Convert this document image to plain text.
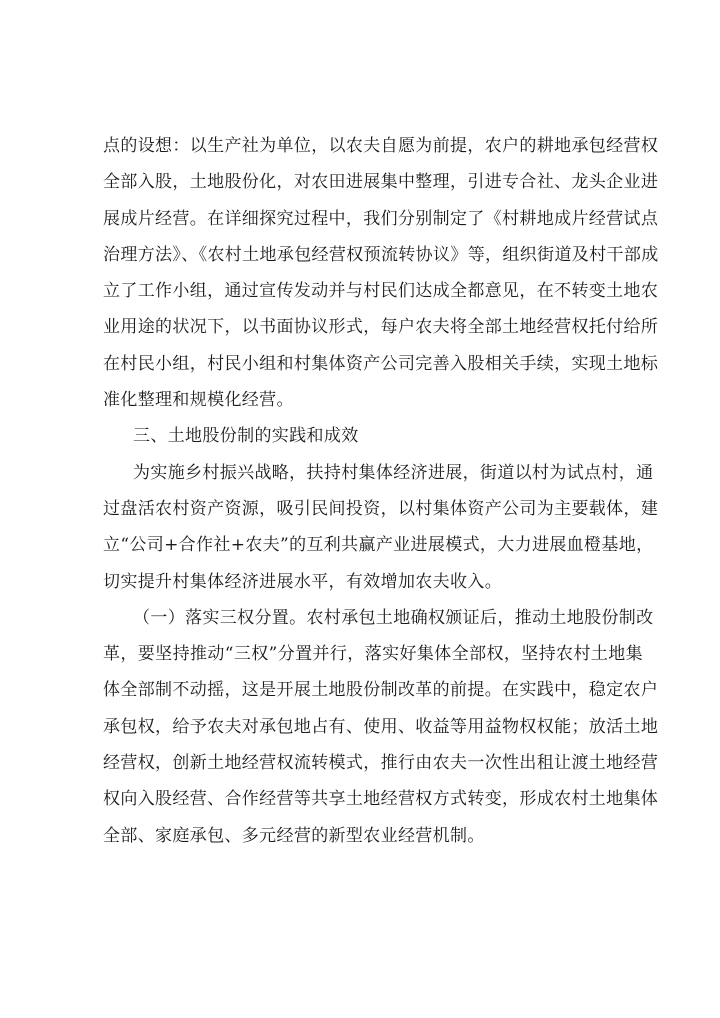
点的设想：以生产社为单位，以农夫自愿为前提，农户的耕地承包经营权
全部入股，土地股份化，对农田进展集中整理，引进专合社、龙头企业进
展成片经营。在详细探究过程中，我们分别制定了《村耕地成片经营试点
治理方法》、《农村土地承包经营权预流转协议》等，组织街道及村干部成
立了工作小组，通过宣传发动并与村民们达成全都意见，在不转变土地农
业用途的状况下，以书面协议形式，每户农夫将全部土地经营权托付给所
在村民小组，村民小组和村集体资产公司完善入股相关手续，实现土地标
准化整理和规模化经营。
三、土地股份制的实践和成效
为实施乡村振兴战略，扶持村集体经济进展，街道以村为试点村，通
过盘活农村资产资源，吸引民间投资，以村集体资产公司为主要载体，建
立“公司+合作社+农夫”的互利共赢产业进展模式，大力进展血橙基地，
切实提升村集体经济进展水平，有效增加农夫收入。
（一）落实三权分置。农村承包土地确权颁证后，推动土地股份制改
革，要坚持推动“三权”分置并行，落实好集体全部权，坚持农村土地集
体全部制不动摇，这是开展土地股份制改革的前提。在实践中，稳定农户
承包权，给予农夫对承包地占有、使用、收益等用益物权权能；放活土地
经营权，创新土地经营权流转模式，推行由农夫一次性出租让渡土地经营
权向入股经营、合作经营等共享土地经营权方式转变，形成农村土地集体
全部、家庭承包、多元经营的新型农业经营机制。
